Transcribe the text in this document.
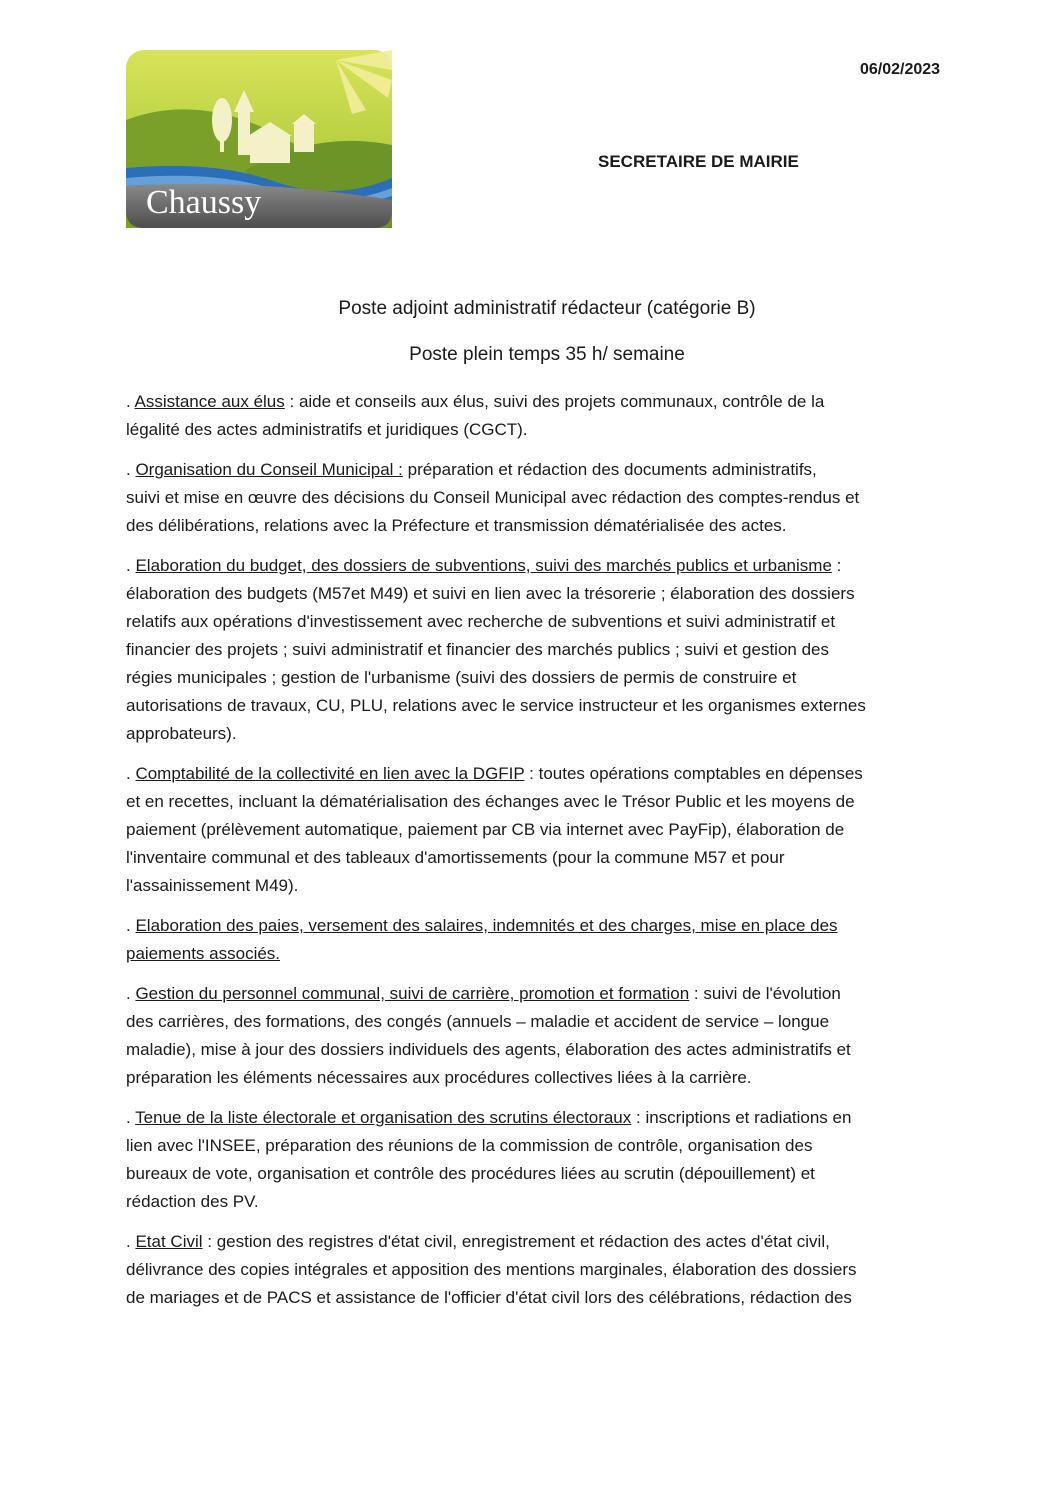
Chaussy
06/02/2023
SECRETAIRE DE MAIRIE
Poste adjoint administratif rédacteur (catégorie B)
Poste plein temps 35 h/ semaine
. Assistance aux élus : aide et conseils aux élus, suivi des projets communaux, contrôle de la
légalité des actes administratifs et juridiques (CGCT).
. Organisation du Conseil Municipal : préparation et rédaction des documents administratifs,
suivi et mise en œuvre des décisions du Conseil Municipal avec rédaction des comptes-rendus et
des délibérations, relations avec la Préfecture et transmission dématérialisée des actes.
. Elaboration du budget, des dossiers de subventions, suivi des marchés publics et urbanisme :
élaboration des budgets (M57et M49) et suivi en lien avec la trésorerie ; élaboration des dossiers
relatifs aux opérations d'investissement avec recherche de subventions et suivi administratif et
financier des projets ; suivi administratif et financier des marchés publics ; suivi et gestion des
régies municipales ; gestion de l'urbanisme (suivi des dossiers de permis de construire et
autorisations de travaux, CU, PLU, relations avec le service instructeur et les organismes externes
approbateurs).
. Comptabilité de la collectivité en lien avec la DGFIP : toutes opérations comptables en dépenses
et en recettes, incluant la dématérialisation des échanges avec le Trésor Public et les moyens de
paiement (prélèvement automatique, paiement par CB via internet avec PayFip), élaboration de
l'inventaire communal et des tableaux d'amortissements (pour la commune M57 et pour
l'assainissement M49).
. Elaboration des paies, versement des salaires, indemnités et des charges, mise en place des
paiements associés.
. Gestion du personnel communal, suivi de carrière, promotion et formation : suivi de l'évolution
des carrières, des formations, des congés (annuels – maladie et accident de service – longue
maladie), mise à jour des dossiers individuels des agents, élaboration des actes administratifs et
préparation les éléments nécessaires aux procédures collectives liées à la carrière.
. Tenue de la liste électorale et organisation des scrutins électoraux : inscriptions et radiations en
lien avec l'INSEE, préparation des réunions de la commission de contrôle, organisation des
bureaux de vote, organisation et contrôle des procédures liées au scrutin (dépouillement) et
rédaction des PV.
. Etat Civil : gestion des registres d'état civil, enregistrement et rédaction des actes d'état civil,
délivrance des copies intégrales et apposition des mentions marginales, élaboration des dossiers
de mariages et de PACS et assistance de l'officier d'état civil lors des célébrations, rédaction des
